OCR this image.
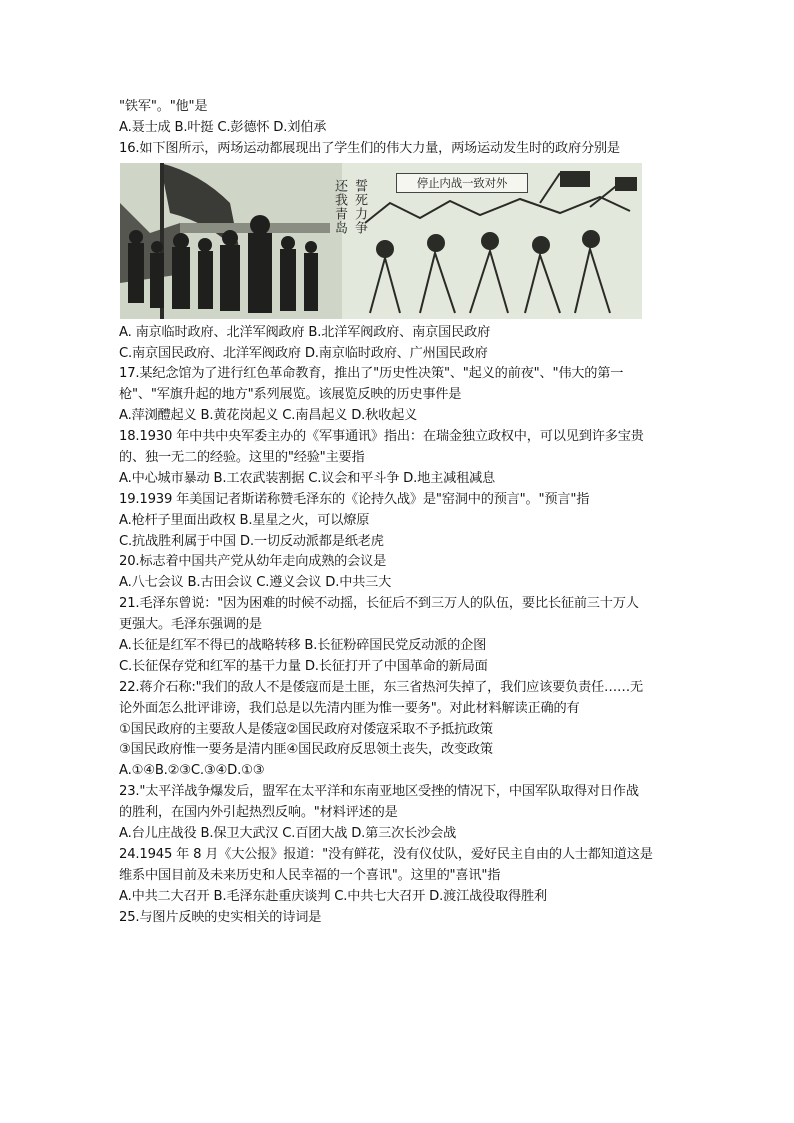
"铁军"。"他"是
A.聂士成 B.叶挺 C.彭德怀 D.刘伯承
16.如下图所示，两场运动都展现出了学生们的伟大力量，两场运动发生时的政府分别是
誓死力争
还我青岛	停止内战一致对外
A. 南京临时政府、北洋军阀政府 B.北洋军阀政府、南京国民政府
C.南京国民政府、北洋军阀政府 D.南京临时政府、广州国民政府
17.某纪念馆为了进行红色革命教育，推出了"历史性决策"、"起义的前夜"、"伟大的第一
枪"、"军旗升起的地方"系列展览。该展览反映的历史事件是
A.萍浏醴起义 B.黄花岗起义 C.南昌起义 D.秋收起义
18.1930 年中共中央军委主办的《军事通讯》指出：在瑞金独立政权中，可以见到许多宝贵
的、独一无二的经验。这里的"经验"主要指
A.中心城市暴动 B.工农武装割据 C.议会和平斗争 D.地主减租减息
19.1939 年美国记者斯诺称赞毛泽东的《论持久战》是"窑洞中的预言"。"预言"指
A.枪杆子里面出政权 B.星星之火，可以燎原
C.抗战胜利属于中国 D.一切反动派都是纸老虎
20.标志着中国共产党从幼年走向成熟的会议是
A.八七会议 B.古田会议 C.遵义会议 D.中共三大
21.毛泽东曾说："因为困难的时候不动摇，长征后不到三万人的队伍，要比长征前三十万人
更强大。毛泽东强调的是
A.长征是红军不得已的战略转移 B.长征粉碎国民党反动派的企图
C.长征保存党和红军的基干力量 D.长征打开了中国革命的新局面
22.蒋介石称:"我们的敌人不是倭寇而是土匪，东三省热河失掉了，我们应该要负责任……无
论外面怎么批评诽谤，我们总是以先清内匪为惟一要务"。对此材料解读正确的有
①国民政府的主要敌人是倭寇②国民政府对倭寇采取不予抵抗政策
③国民政府惟一要务是清内匪④国民政府反思领土丧失，改变政策
A.①④B.②③C.③④D.①③
23."太平洋战争爆发后，盟军在太平洋和东南亚地区受挫的情况下，中国军队取得对日作战
的胜利，在国内外引起热烈反响。"材料评述的是
A.台儿庄战役 B.保卫大武汉 C.百团大战 D.第三次长沙会战
24.1945 年 8 月《大公报》报道："没有鲜花，没有仪仗队，爱好民主自由的人士都知道这是
维系中国目前及未来历史和人民幸福的一个喜讯"。这里的"喜讯"指
A.中共二大召开 B.毛泽东赴重庆谈判 C.中共七大召开 D.渡江战役取得胜利
25.与图片反映的史实相关的诗词是
